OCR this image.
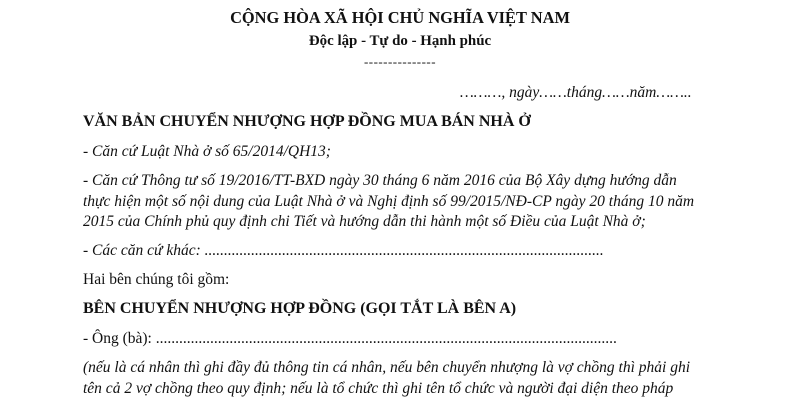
CỘNG HÒA XÃ HỘI CHỦ NGHĨA VIỆT NAM
Độc lập - Tự do - Hạnh phúc
---------------
………, ngày……tháng……năm……..
VĂN BẢN CHUYỂN NHƯỢNG HỢP ĐỒNG MUA BÁN NHÀ Ở
- Căn cứ Luật Nhà ở số 65/2014/QH13;
- Căn cứ Thông tư số 19/2016/TT-BXD ngày 30 tháng 6 năm 2016 của Bộ Xây dựng hướng dẫn
thực hiện một số nội dung của Luật Nhà ở và Nghị định số 99/2015/NĐ-CP ngày 20 tháng 10 năm
2015 của Chính phủ quy định chi Tiết và hướng dẫn thi hành một số Điều của Luật Nhà ở;
- Các căn cứ khác: .......................................................................................................
Hai bên chúng tôi gồm:
BÊN CHUYỂN NHƯỢNG HỢP ĐỒNG (GỌI TẮT LÀ BÊN A)
- Ông (bà): .......................................................................................................................
(nếu là cá nhân thì ghi đầy đủ thông tin cá nhân, nếu bên chuyển nhượng là vợ chồng thì phải ghi
tên cả 2 vợ chồng theo quy định; nếu là tổ chức thì ghi tên tổ chức và người đại diện theo pháp
